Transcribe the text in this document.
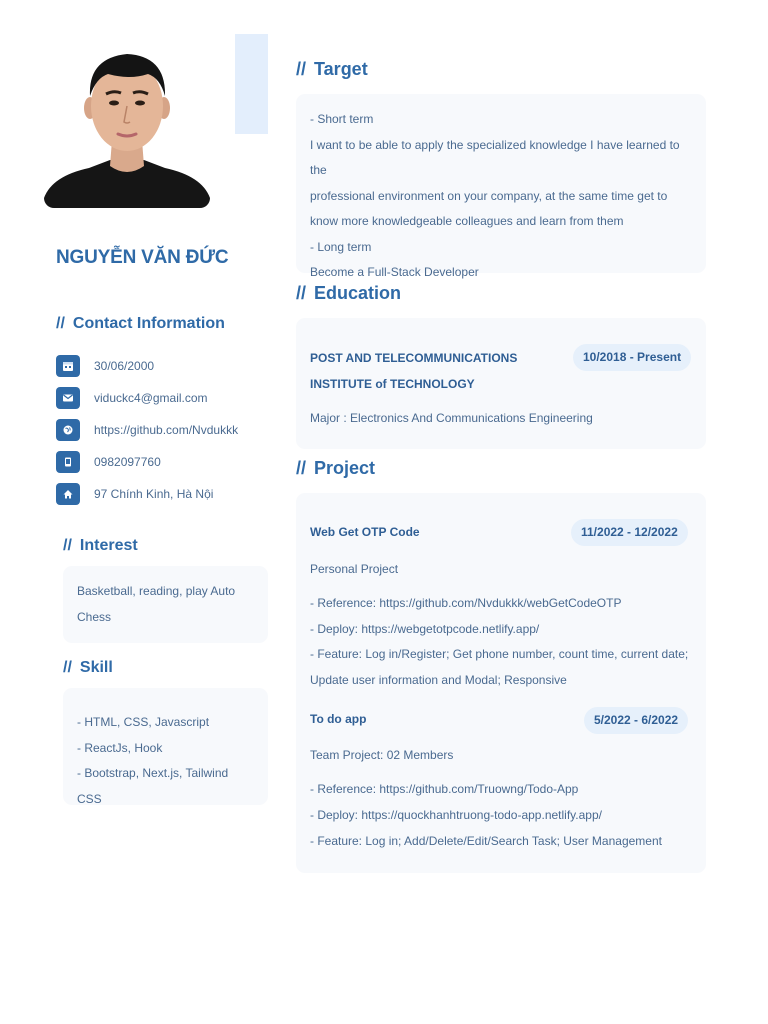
NGUYỄN VĂN ĐỨC
// Contact Information
30/06/2000
viduckc4@gmail.com
https://github.com/Nvdukkk
0982097760
97 Chính Kinh, Hà Nội
// Interest
Basketball, reading, play Auto
Chess
// Skill
- HTML, CSS, Javascript
- ReactJs, Hook
- Bootstrap, Next.js, Tailwind CSS
// Target
- Short term
I want to be able to apply the specialized knowledge I have learned to the
professional environment on your company, at the same time get to
know more knowledgeable colleagues and learn from them
- Long term
Become a Full-Stack Developer
// Education
POST AND TELECOMMUNICATIONS
INSTITUTE of TECHNOLOGY
10/2018 - Present
Major : Electronics And Communications Engineering
// Project
Web Get OTP Code	11/2022 - 12/2022
Personal Project
- Reference: https://github.com/Nvdukkk/webGetCodeOTP
- Deploy: https://webgetotpcode.netlify.app/
- Feature: Log in/Register; Get phone number, count time, current date;
Update user information and Modal; Responsive
To do app	5/2022 - 6/2022
Team Project: 02 Members
- Reference: https://github.com/Truowng/Todo-App
- Deploy: https://quockhanhtruong-todo-app.netlify.app/
- Feature: Log in; Add/Delete/Edit/Search Task; User Management
